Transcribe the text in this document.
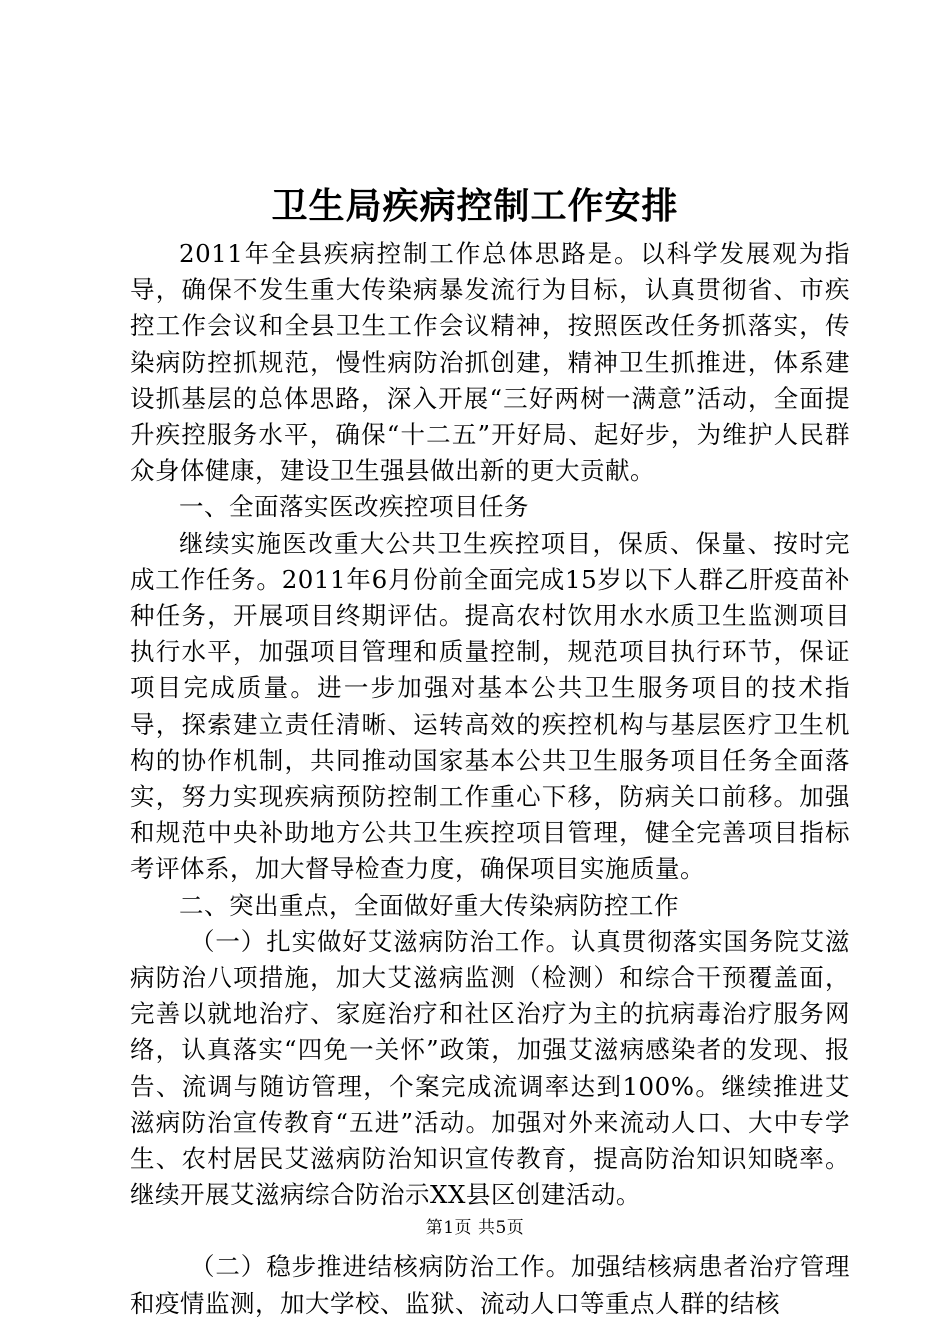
卫生局疾病控制工作安排

2011年全县疾病控制工作总体思路是。以科学发展观为指导，确保不发生重大传染病暴发流行为目标，认真贯彻省、市疾控工作会议和全县卫生工作会议精神，按照医改任务抓落实，传染病防控抓规范，慢性病防治抓创建，精神卫生抓推进，体系建设抓基层的总体思路，深入开展“三好两树一满意”活动，全面提升疾控服务水平，确保“十二五”开好局、起好步，为维护人民群众身体健康，建设卫生强县做出新的更大贡献。

一、全面落实医改疾控项目任务

继续实施医改重大公共卫生疾控项目，保质、保量、按时完成工作任务。2011年6月份前全面完成15岁以下人群乙肝疫苗补种任务，开展项目终期评估。提高农村饮用水水质卫生监测项目执行水平，加强项目管理和质量控制，规范项目执行环节，保证项目完成质量。进一步加强对基本公共卫生服务项目的技术指导，探索建立责任清晰、运转高效的疾控机构与基层医疗卫生机构的协作机制，共同推动国家基本公共卫生服务项目任务全面落实，努力实现疾病预防控制工作重心下移，防病关口前移。加强和规范中央补助地方公共卫生疾控项目管理，健全完善项目指标考评体系，加大督导检查力度，确保项目实施质量。

二、突出重点，全面做好重大传染病防控工作

（一）扎实做好艾滋病防治工作。认真贯彻落实国务院艾滋病防治八项措施，加大艾滋病监测（检测）和综合干预覆盖面，完善以就地治疗、家庭治疗和社区治疗为主的抗病毒治疗服务网络，认真落实“四免一关怀”政策，加强艾滋病感染者的发现、报告、流调与随访管理，个案完成流调率达到100%。继续推进艾滋病防治宣传教育“五进”活动。加强对外来流动人口、大中专学生、农村居民艾滋病防治知识宣传教育，提高防治知识知晓率。继续开展艾滋病综合防治示XX县区创建活动。

（二）稳步推进结核病防治工作。加强结核病患者治疗管理和疫情监测，加大学校、监狱、流动人口等重点人群的结核

第1页 共5页
